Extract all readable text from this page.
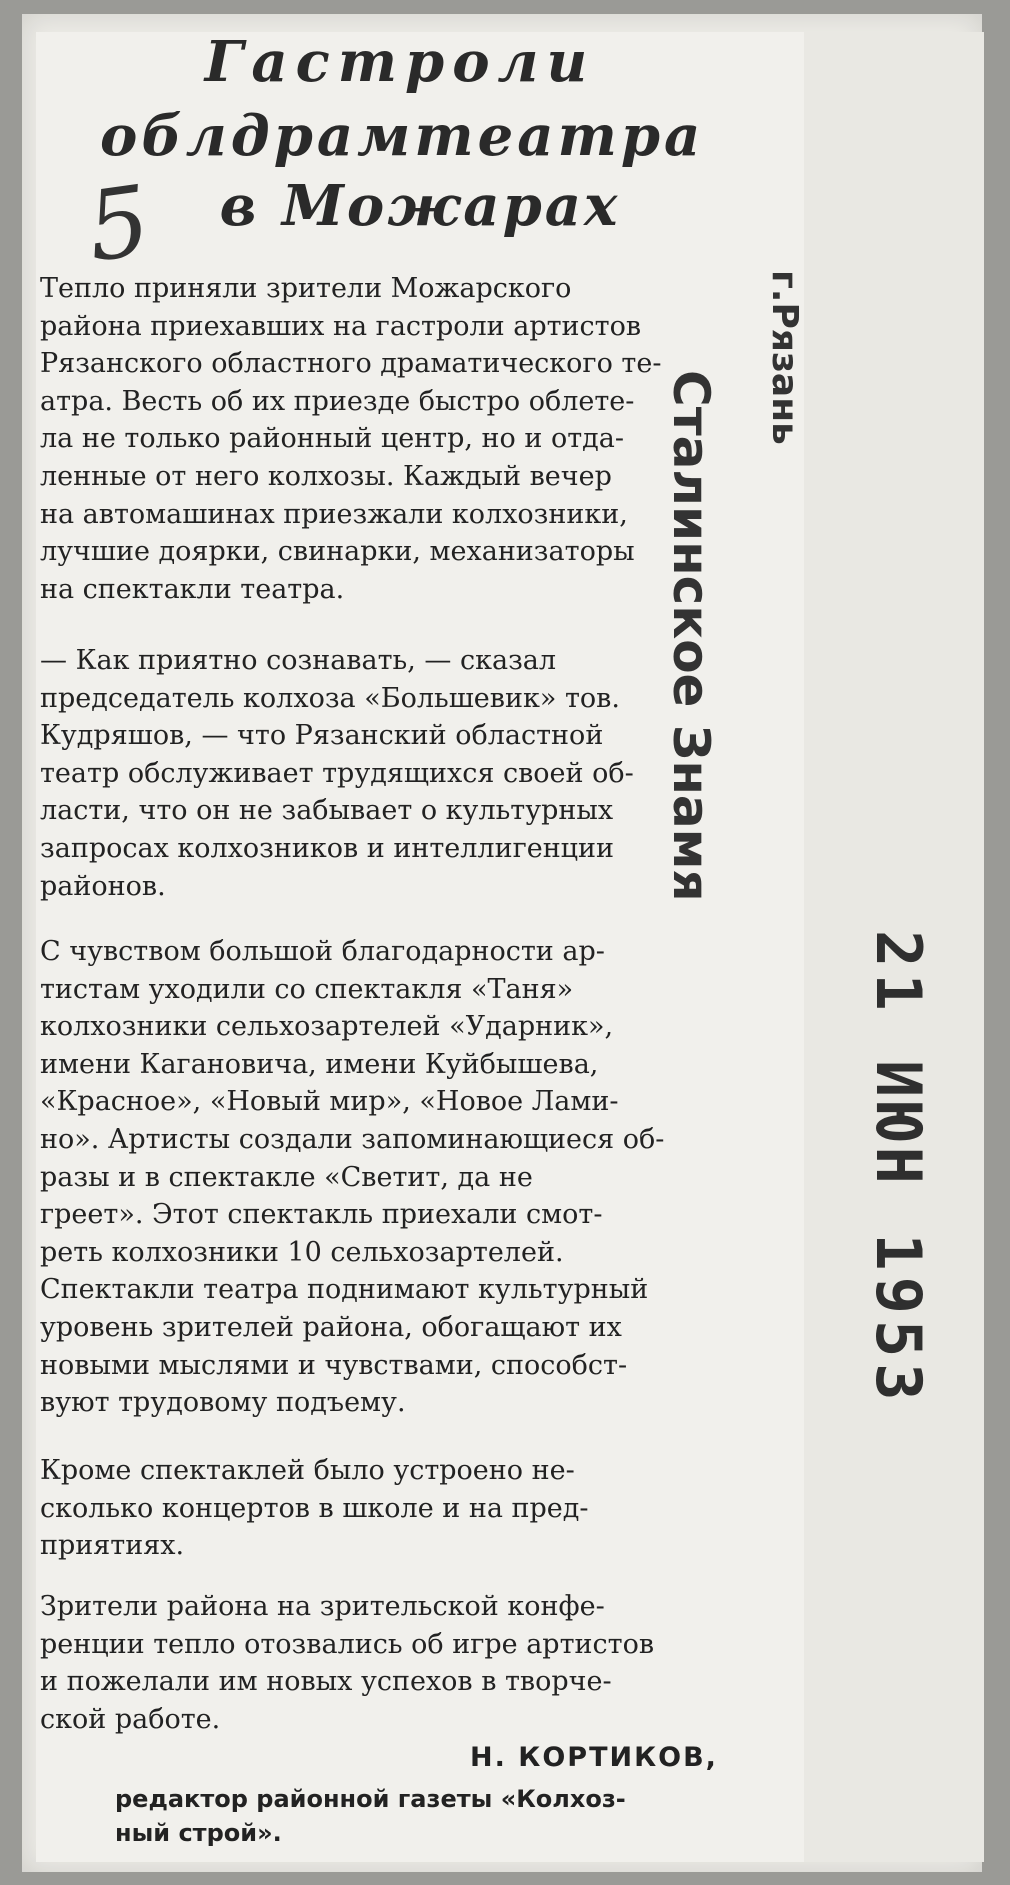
Гастроли
облдрамтеатра
в Можарах
5
Тепло приняли зрители Можарского
района приехавших на гастроли артистов
Рязанского областного драматического те-
атра. Весть об их приезде быстро облете-
ла не только районный центр, но и отда-
ленные от него колхозы. Каждый вечер
на автомашинах приезжали колхозники,
лучшие доярки, свинарки, механизаторы
на спектакли театра.
— Как приятно сознавать, — сказал
председатель колхоза «Большевик» тов.
Кудряшов, — что Рязанский областной
театр обслуживает трудящихся своей об-
ласти, что он не забывает о культурных
запросах колхозников и интеллигенции
районов.
С чувством большой благодарности ар-
тистам уходили со спектакля «Таня»
колхозники сельхозартелей «Ударник»,
имени Кагановича, имени Куйбышева,
«Красное», «Новый мир», «Новое Лами-
но». Артисты создали запоминающиеся об-
разы и в спектакле «Светит, да не
греет». Этот спектакль приехали смот-
реть колхозники 10 сельхозартелей.
Спектакли театра поднимают культурный
уровень зрителей района, обогащают их
новыми мыслями и чувствами, способст-
вуют трудовому подъему.
Кроме спектаклей было устроено не-
сколько концертов в школе и на пред-
приятиях.
Зрители района на зрительской конфе-
ренции тепло отозвались об игре артистов
и пожелали им новых успехов в творче-
ской работе.
Н. КОРТИКОВ,
редактор районной газеты «Колхоз-
ный строй».
Сталинское Знамя
г.Рязань
21 ИЮН 1953
